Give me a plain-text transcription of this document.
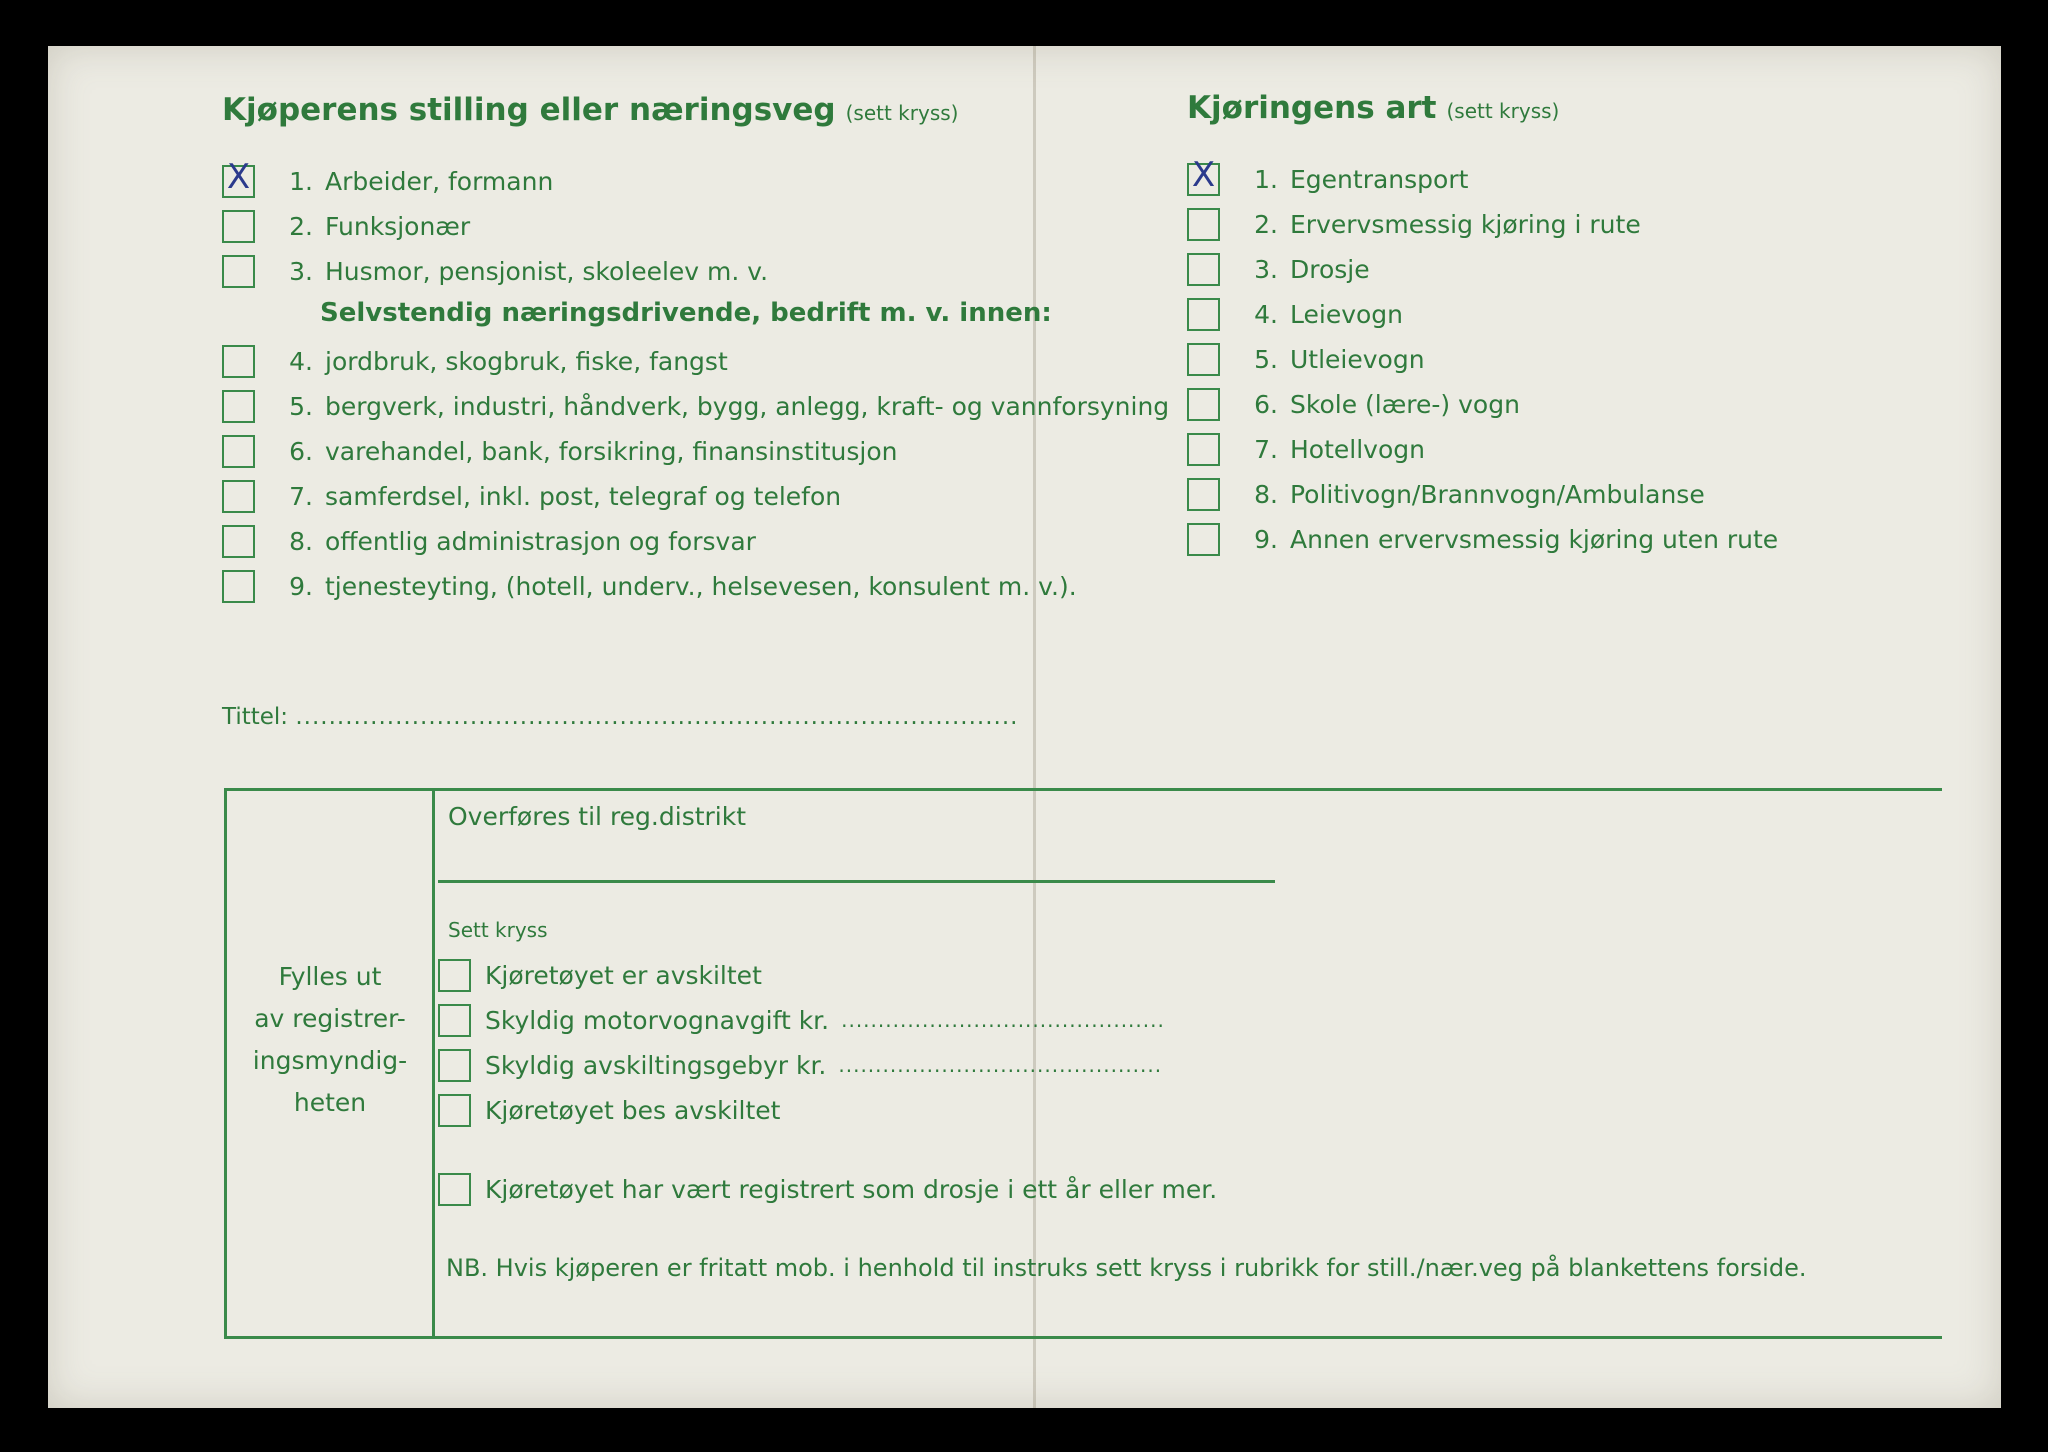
Kjøperens stilling eller næringsveg (sett kryss)
X	1. Arbeider, formann
2. Funksjonær
3. Husmor, pensjonist, skoleelev m. v.
Selvstendig næringsdrivende, bedrift m. v. innen:
4. jordbruk, skogbruk, fiske, fangst
5. bergverk, industri, håndverk, bygg, anlegg, kraft- og vannforsyning
6. varehandel, bank, forsikring, finansinstitusjon
7. samferdsel, inkl. post, telegraf og telefon
8. offentlig administrasjon og forsvar
9. tjenesteyting, (hotell, underv., helsevesen, konsulent m. v.).
Tittel: .......................................................................................
Kjøringens art (sett kryss)
X	1. Egentransport
2. Ervervsmessig kjøring i rute
3. Drosje
4. Leievogn
5. Utleievogn
6. Skole (lære-) vogn
7. Hotellvogn
8. Politivogn/Brannvogn/Ambulanse
9. Annen ervervsmessig kjøring uten rute
Fylles ut
av registrer-
ingsmyndig-
heten
Overføres til reg.distrikt
Sett kryss
Kjøretøyet er avskiltet
Skyldig motorvognavgift kr. ............................................
Skyldig avskiltingsgebyr kr. ............................................
Kjøretøyet bes avskiltet
Kjøretøyet har vært registrert som drosje i ett år eller mer.
NB. Hvis kjøperen er fritatt mob. i henhold til instruks sett kryss i rubrikk for still./nær.veg på blankettens forside.
